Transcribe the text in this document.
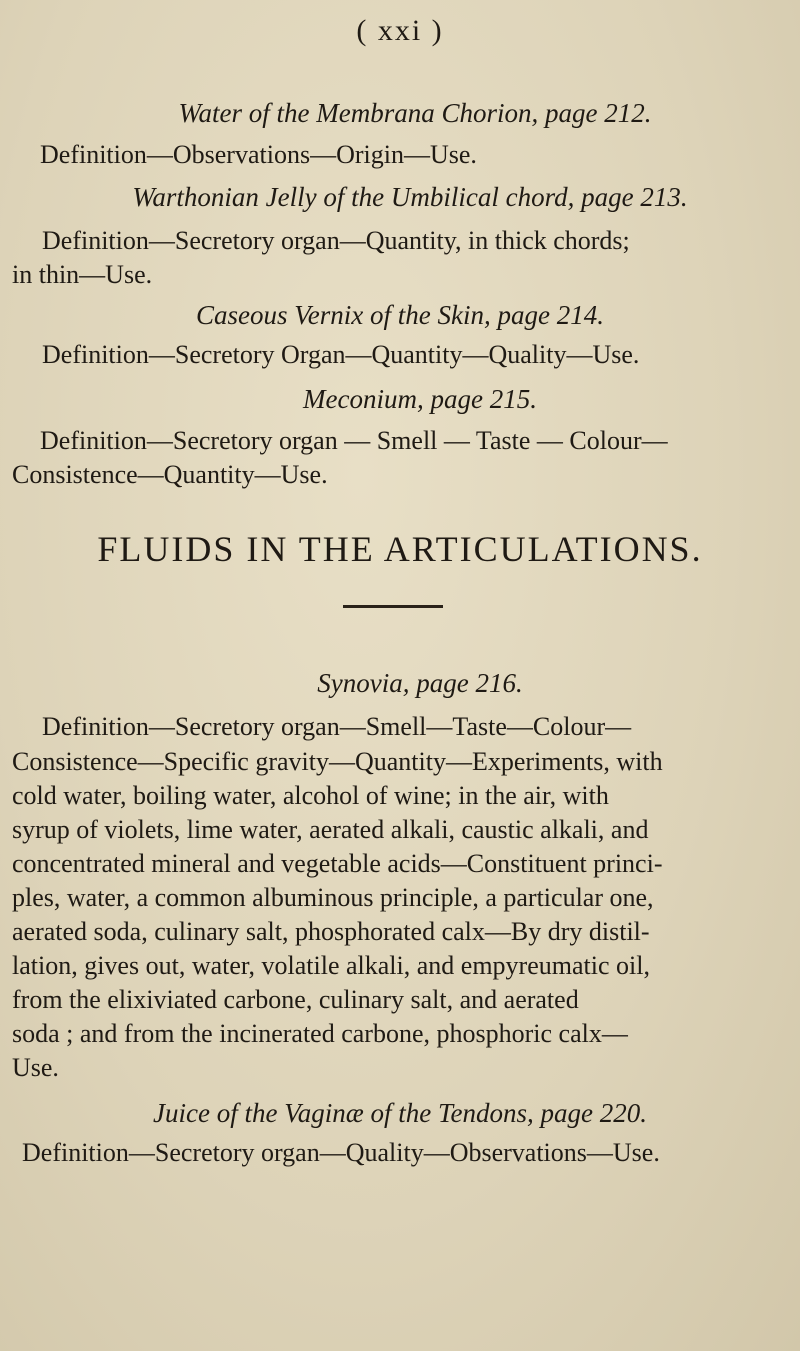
( xxi )
Water of the Membrana Chorion, page 212.
Definition—Observations—Origin—Use.
Warthonian Jelly of the Umbilical chord, page 213.
Definition—Secretory organ—Quantity, in thick chords;
in thin—Use.
Caseous Vernix of the Skin, page 214.
Definition—Secretory Organ—Quantity—Quality—Use.
Meconium, page 215.
Definition—Secretory organ — Smell — Taste — Colour—
Consistence—Quantity—Use.
FLUIDS IN THE ARTICULATIONS.
Synovia, page 216.
Definition—Secretory organ—Smell—Taste—Colour—
Consistence—Specific gravity—Quantity—Experiments, with
cold water, boiling water, alcohol of wine; in the air, with
syrup of violets, lime water, aerated alkali, caustic alkali, and
concentrated mineral and vegetable acids—Constituent princi-
ples, water, a common albuminous principle, a particular one,
aerated soda, culinary salt, phosphorated calx—By dry distil-
lation, gives out, water, volatile alkali, and empyreumatic oil,
from the elixiviated carbone, culinary salt, and aerated
soda ; and from the incinerated carbone, phosphoric calx—
Use.
Juice of the Vaginæ of the Tendons, page 220.
Definition—Secretory organ—Quality—Observations—Use.
